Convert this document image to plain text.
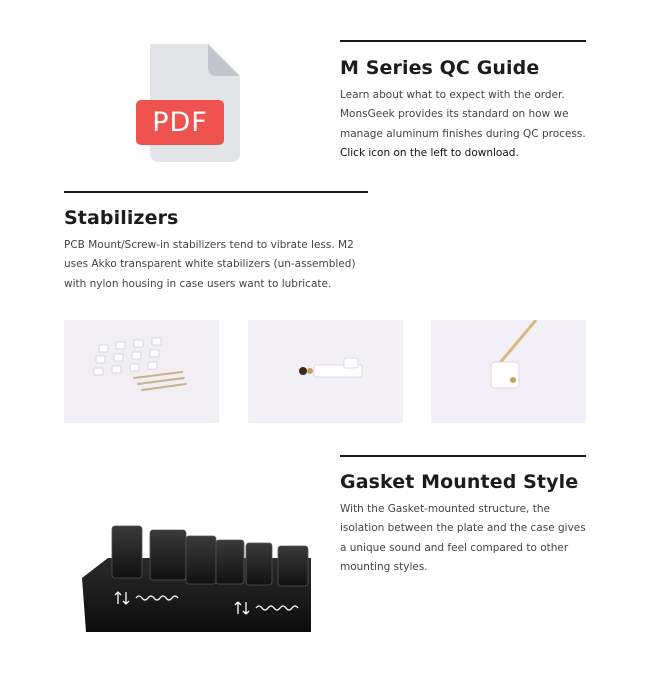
PDF
M Series QC Guide

Learn about what to expect with the order. MonsGeek provides its standard on how we manage aluminum finishes during QC process. Click icon on the left to download.

Stabilizers

PCB Mount/Screw-in stabilizers tend to vibrate less. M2 uses Akko transparent white stabilizers (un-assembled) with nylon housing in case users want to lubricate.

Gasket Mounted Style

With the Gasket-mounted structure, the isolation between the plate and the case gives a unique sound and feel compared to other mounting styles.
